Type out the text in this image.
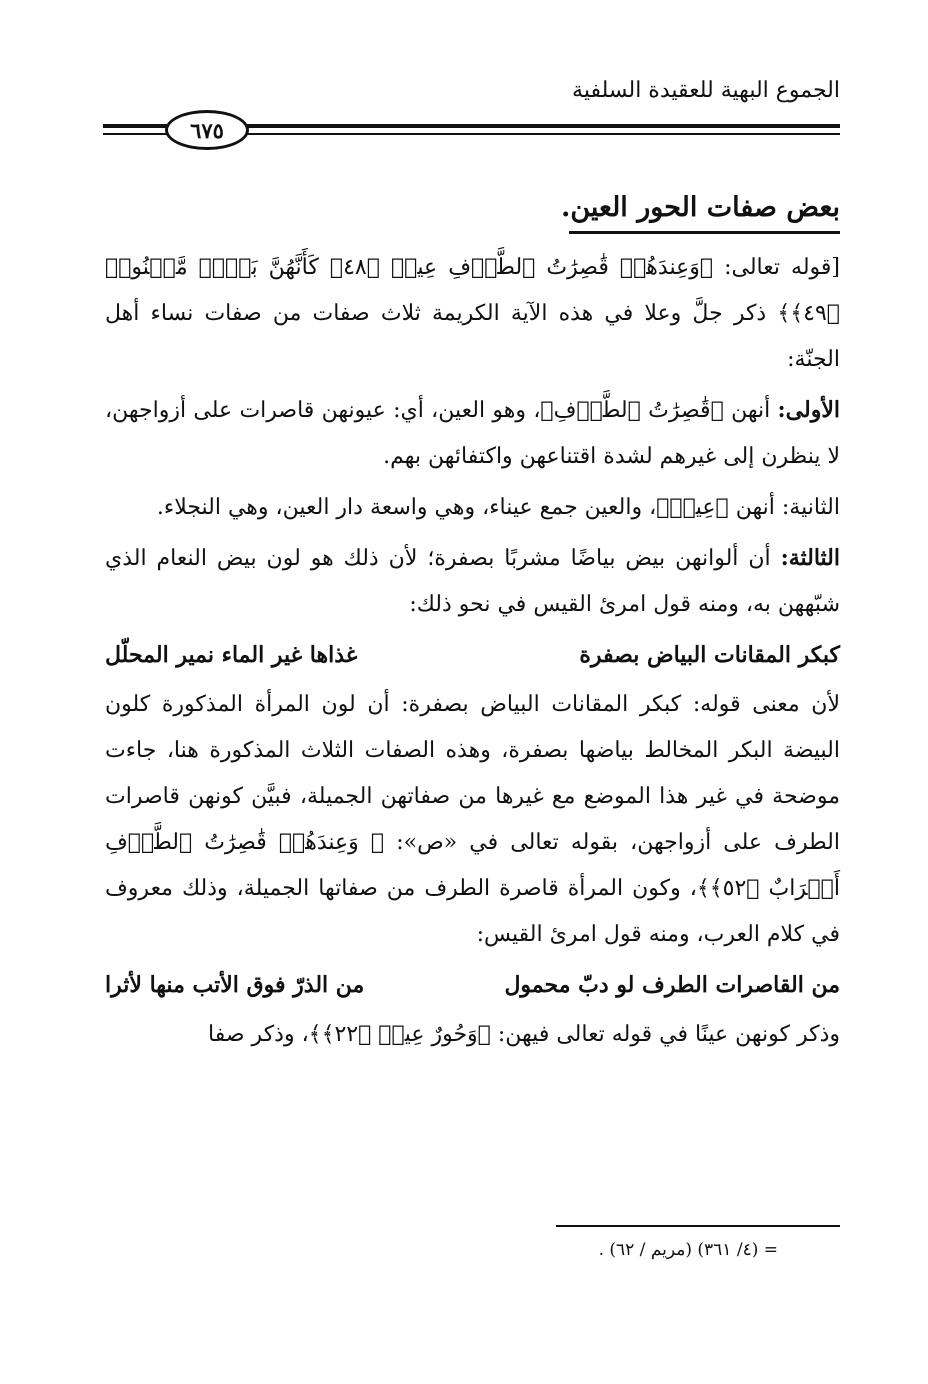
الجموع البهية للعقيدة السلفية
٦٧٥
بعض صفات الحور العين.

[قوله تعالى: ﴿وَعِندَهُمۡ قَٰصِرَٰتُ ٱلطَّرۡفِ عِينٞ ﴿٤٨﴾ كَأَنَّهُنَّ بَيۡضٞ مَّكۡنُونٞ ﴿٤٩﴾﴾ ذكر جلَّ وعلا في هذه الآية الكريمة ثلاث صفات من صفات نساء أهل الجنّة:

الأولى: أنهن ﴿قَٰصِرَٰتُ ٱلطَّرۡفِ﴾، وهو العين، أي: عيونهن قاصرات على أزواجهن، لا ينظرن إلى غيرهم لشدة اقتناعهن واكتفائهن بهم.

الثانية: أنهن ﴿عِينٞ﴾، والعين جمع عيناء، وهي واسعة دار العين، وهي النجلاء.

الثالثة: أن ألوانهن بيض بياضًا مشربًا بصفرة؛ لأن ذلك هو لون بيض النعام الذي شبّههن به، ومنه قول امرئ القيس في نحو ذلك:

كبكر المقانات البياض بصفرة
غذاها غير الماء نمير المحلّل

لأن معنى قوله: كبكر المقانات البياض بصفرة: أن لون المرأة المذكورة كلون البيضة البكر المخالط بياضها بصفرة، وهذه الصفات الثلاث المذكورة هنا، جاءت موضحة في غير هذا الموضع مع غيرها من صفاتهن الجميلة، فبيَّن كونهن قاصرات الطرف على أزواجهن، بقوله تعالى في «ص»: ﴿ وَعِندَهُمۡ قَٰصِرَٰتُ ٱلطَّرۡفِ أَتۡرَابٌ ﴿٥٢﴾﴾، وكون المرأة قاصرة الطرف من صفاتها الجميلة، وذلك معروف في كلام العرب، ومنه قول امرئ القيس:

من القاصرات الطرف لو دبّ محمول
من الذرّ فوق الأتب منها لأثرا

وذكر كونهن عينًا في قوله تعالى فيهن: ﴿وَحُورٌ عِينٞ ﴿٢٢﴾﴾، وذكر صفا

= (٤/ ٣٦١) (مريم / ٦٢) .
